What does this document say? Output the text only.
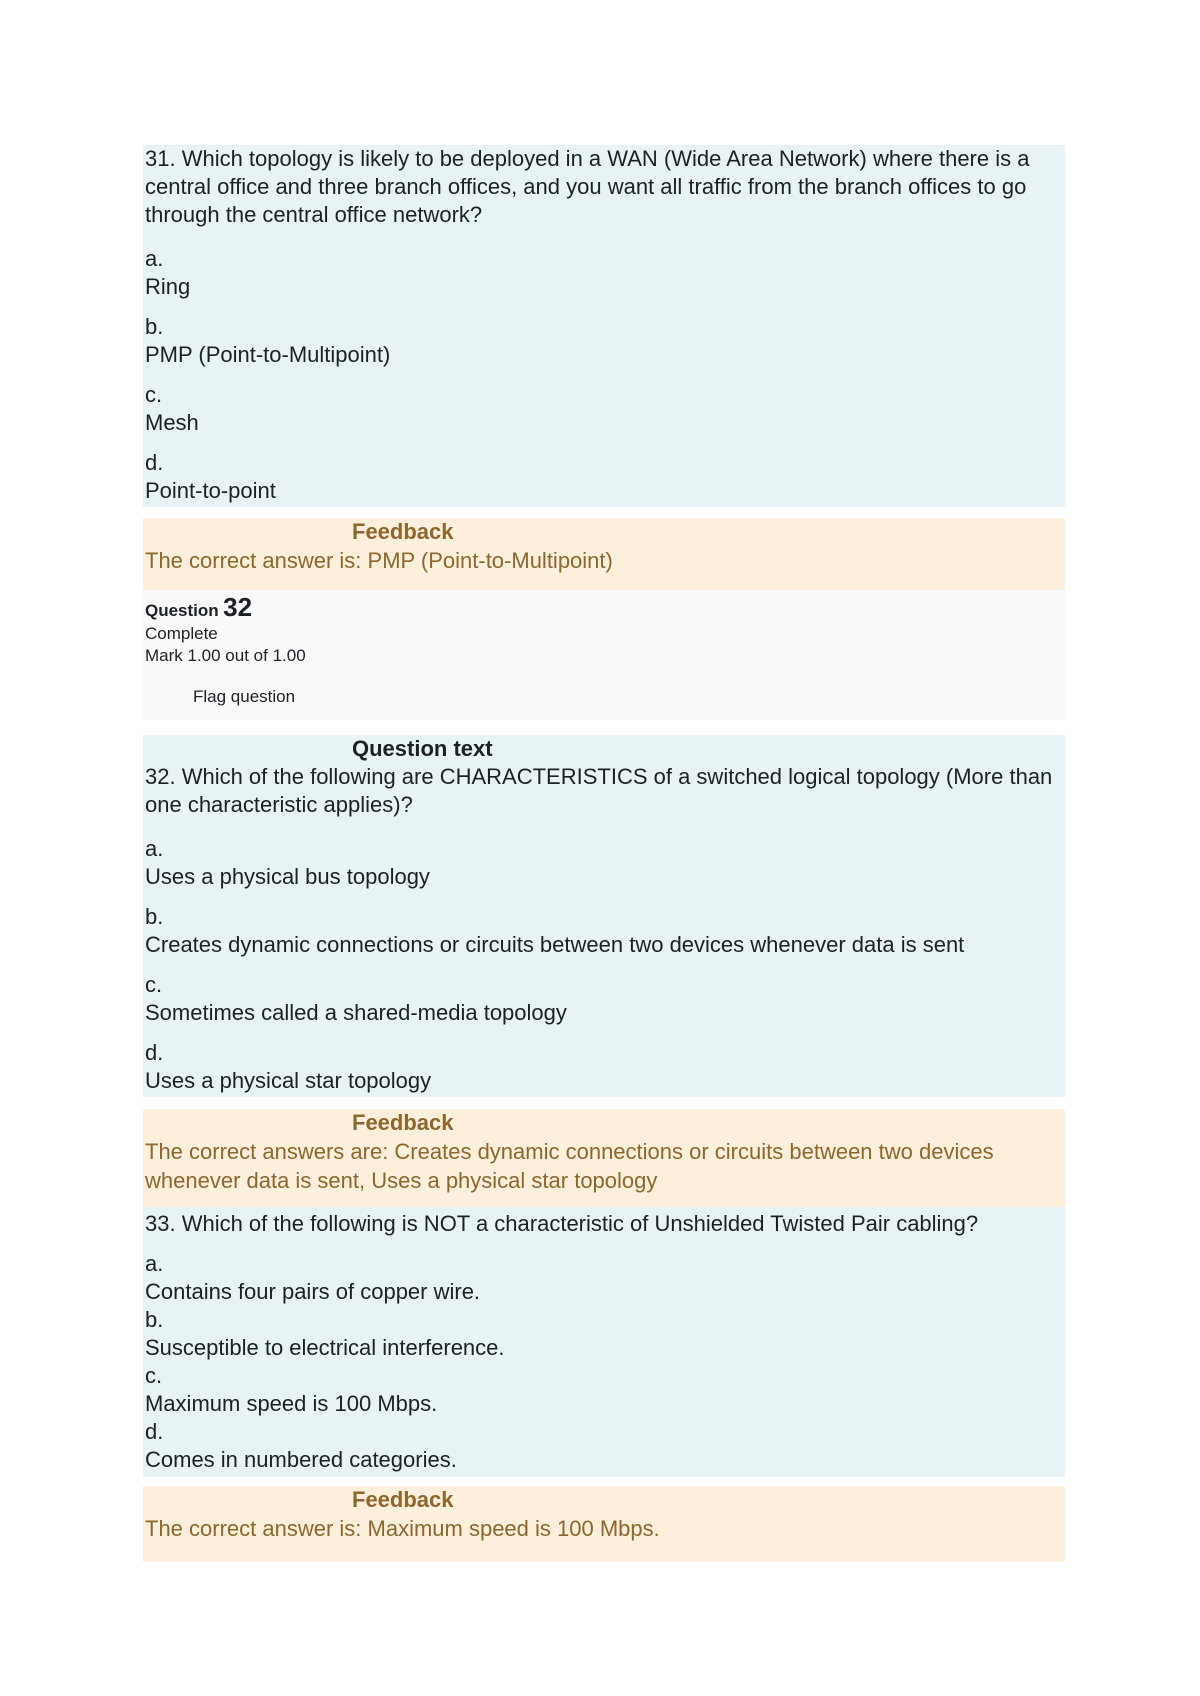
31. Which topology is likely to be deployed in a WAN (Wide Area Network) where there is a central office and three branch offices, and you want all traffic from the branch offices to go through the central office network?
a.
Ring
b.
PMP (Point-to-Multipoint)
c.
Mesh
d.
Point-to-point
Feedback
The correct answer is: PMP (Point-to-Multipoint)
Question 32
Complete
Mark 1.00 out of 1.00
Flag question
Question text
32. Which of the following are CHARACTERISTICS of a switched logical topology (More than one characteristic applies)?
a.
Uses a physical bus topology
b.
Creates dynamic connections or circuits between two devices whenever data is sent
c.
Sometimes called a shared-media topology
d.
Uses a physical star topology
Feedback
The correct answers are: Creates dynamic connections or circuits between two devices whenever data is sent, Uses a physical star topology
33. Which of the following is NOT a characteristic of Unshielded Twisted Pair cabling?
a.
Contains four pairs of copper wire.
b.
Susceptible to electrical interference.
c.
Maximum speed is 100 Mbps.
d.
Comes in numbered categories.
Feedback
The correct answer is: Maximum speed is 100 Mbps.
